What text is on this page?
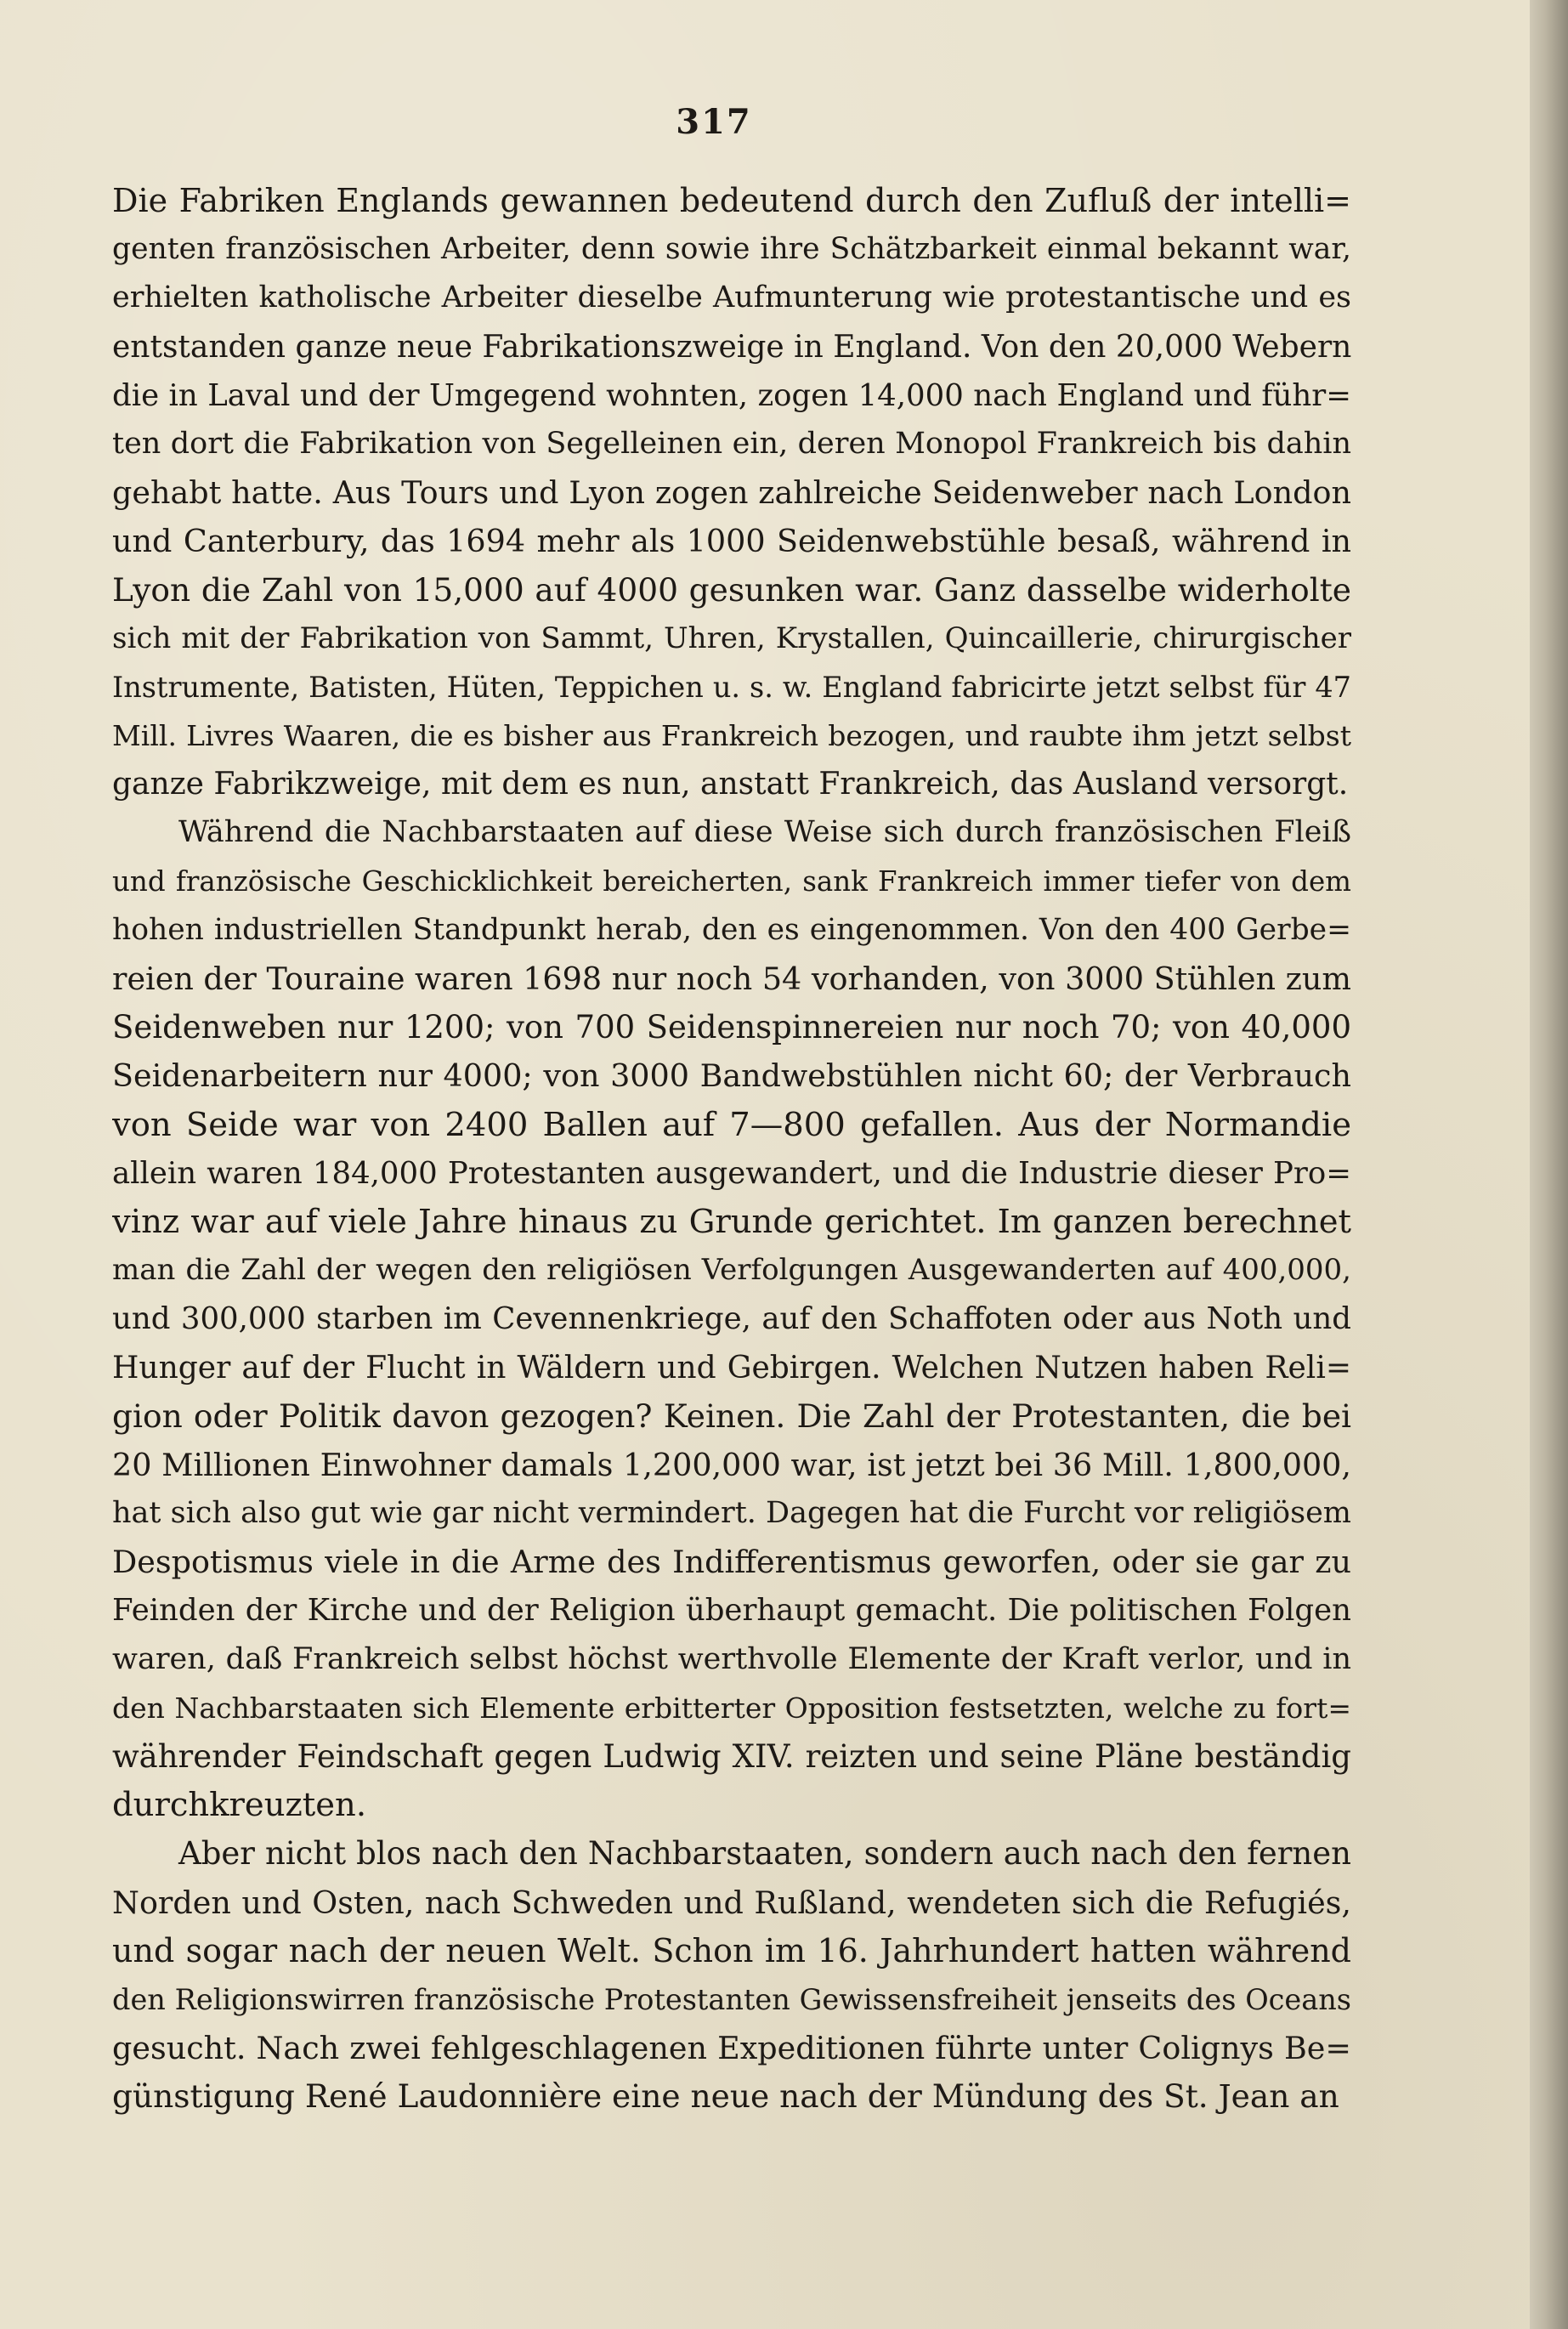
317
Die Fabriken Englands gewannen bedeutend durch den Zufluß der intelli=
genten französischen Arbeiter, denn sowie ihre Schätzbarkeit einmal bekannt war,
erhielten katholische Arbeiter dieselbe Aufmunterung wie protestantische und es
entstanden ganze neue Fabrikationszweige in England. Von den 20,000 Webern
die in Laval und der Umgegend wohnten, zogen 14,000 nach England und führ=
ten dort die Fabrikation von Segelleinen ein, deren Monopol Frankreich bis dahin
gehabt hatte. Aus Tours und Lyon zogen zahlreiche Seidenweber nach London
und Canterbury, das 1694 mehr als 1000 Seidenwebstühle besaß, während in
Lyon die Zahl von 15,000 auf 4000 gesunken war. Ganz dasselbe widerholte
sich mit der Fabrikation von Sammt, Uhren, Krystallen, Quincaillerie, chirurgischer
Instrumente, Batisten, Hüten, Teppichen u. s. w. England fabricirte jetzt selbst für 47
Mill. Livres Waaren, die es bisher aus Frankreich bezogen, und raubte ihm jetzt selbst
ganze Fabrikzweige, mit dem es nun, anstatt Frankreich, das Ausland versorgt.
Während die Nachbarstaaten auf diese Weise sich durch französischen Fleiß
und französische Geschicklichkeit bereicherten, sank Frankreich immer tiefer von dem
hohen industriellen Standpunkt herab, den es eingenommen. Von den 400 Gerbe=
reien der Touraine waren 1698 nur noch 54 vorhanden, von 3000 Stühlen zum
Seidenweben nur 1200; von 700 Seidenspinnereien nur noch 70; von 40,000
Seidenarbeitern nur 4000; von 3000 Bandwebstühlen nicht 60; der Verbrauch
von Seide war von 2400 Ballen auf 7—800 gefallen. Aus der Normandie
allein waren 184,000 Protestanten ausgewandert, und die Industrie dieser Pro=
vinz war auf viele Jahre hinaus zu Grunde gerichtet. Im ganzen berechnet
man die Zahl der wegen den religiösen Verfolgungen Ausgewanderten auf 400,000,
und 300,000 starben im Cevennenkriege, auf den Schaffoten oder aus Noth und
Hunger auf der Flucht in Wäldern und Gebirgen. Welchen Nutzen haben Reli=
gion oder Politik davon gezogen? Keinen. Die Zahl der Protestanten, die bei
20 Millionen Einwohner damals 1,200,000 war, ist jetzt bei 36 Mill. 1,800,000,
hat sich also gut wie gar nicht vermindert. Dagegen hat die Furcht vor religiösem
Despotismus viele in die Arme des Indifferentismus geworfen, oder sie gar zu
Feinden der Kirche und der Religion überhaupt gemacht. Die politischen Folgen
waren, daß Frankreich selbst höchst werthvolle Elemente der Kraft verlor, und in
den Nachbarstaaten sich Elemente erbitterter Opposition festsetzten, welche zu fort=
währender Feindschaft gegen Ludwig XIV. reizten und seine Pläne beständig
durchkreuzten.
Aber nicht blos nach den Nachbarstaaten, sondern auch nach den fernen
Norden und Osten, nach Schweden und Rußland, wendeten sich die Refugiés,
und sogar nach der neuen Welt. Schon im 16. Jahrhundert hatten während
den Religionswirren französische Protestanten Gewissensfreiheit jenseits des Oceans
gesucht. Nach zwei fehlgeschlagenen Expeditionen führte unter Colignys Be=
günstigung René Laudonnière eine neue nach der Mündung des St. Jean an
